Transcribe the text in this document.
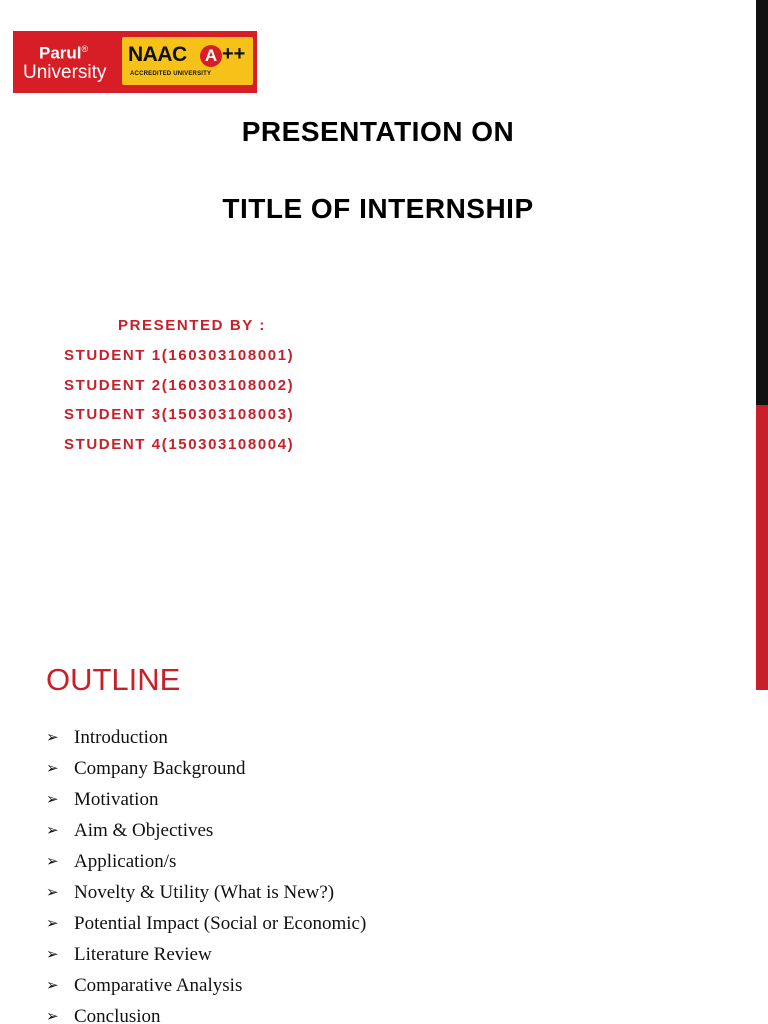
Parul®
University
NAAC A ++
ACCREDITED UNIVERSITY
PRESENTATION ON
TITLE OF INTERNSHIP
PRESENTED BY :
STUDENT 1(160303108001)
STUDENT 2(160303108002)
STUDENT 3(150303108003)
STUDENT 4(150303108004)
OUTLINE
➢ Introduction
➢ Company Background
➢ Motivation
➢ Aim & Objectives
➢ Application/s
➢ Novelty & Utility (What is New?)
➢ Potential Impact (Social or Economic)
➢ Literature Review
➢ Comparative Analysis
➢ Conclusion
